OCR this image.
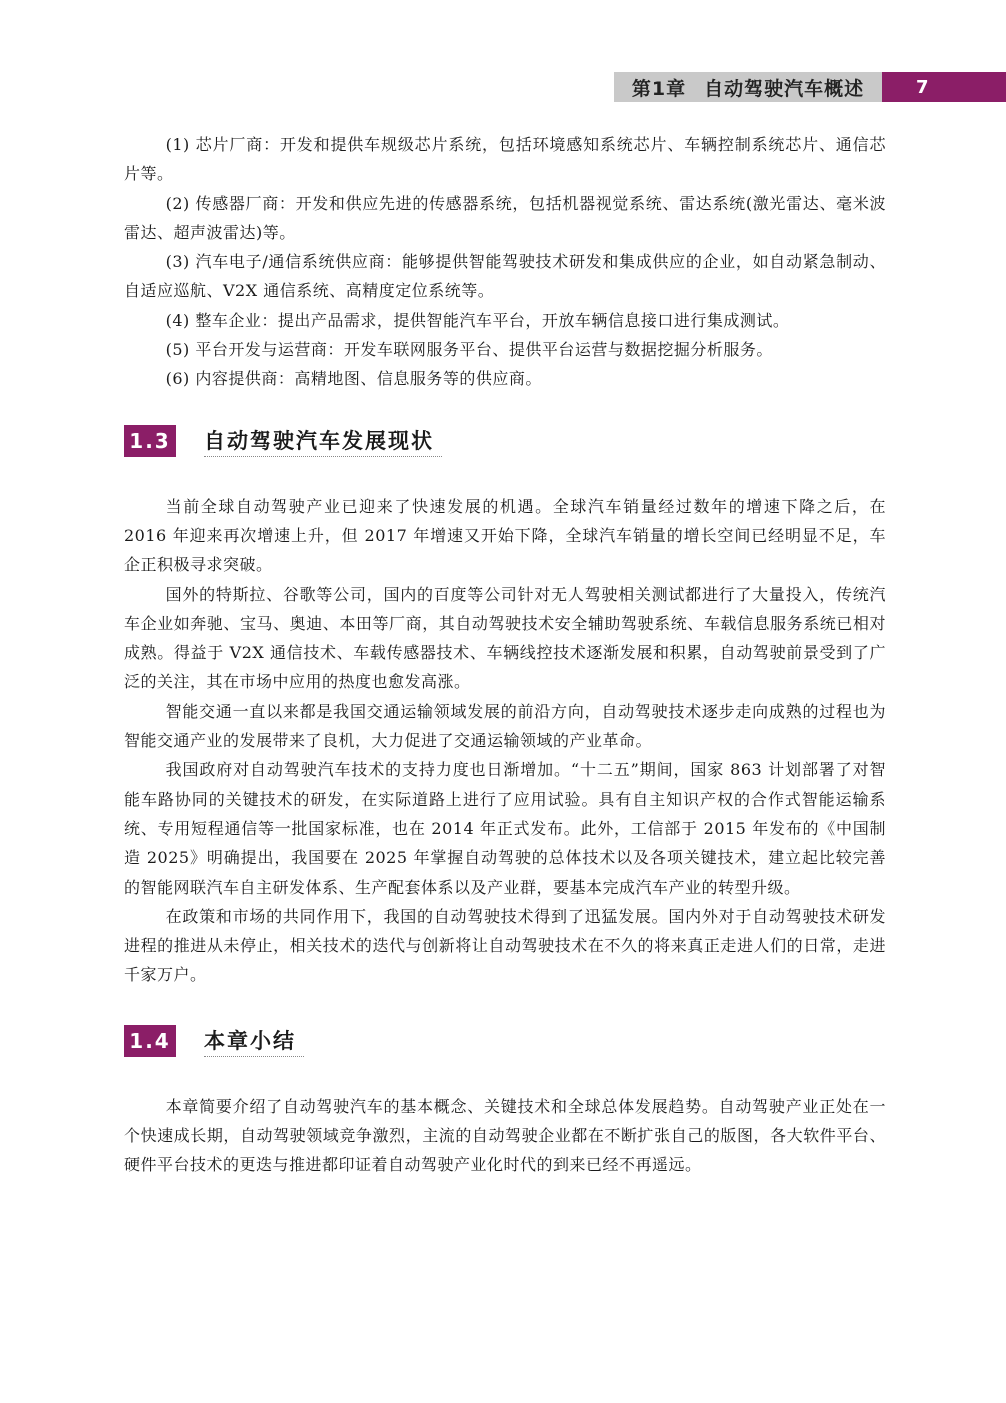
第1章 自动驾驶汽车概述	7

(1) 芯片厂商：开发和提供车规级芯片系统，包括环境感知系统芯片、车辆控制系统芯片、通信芯片等。

(2) 传感器厂商：开发和供应先进的传感器系统，包括机器视觉系统、雷达系统(激光雷达、毫米波雷达、超声波雷达)等。

(3) 汽车电子/通信系统供应商：能够提供智能驾驶技术研发和集成供应的企业，如自动紧急制动、自适应巡航、V2X 通信系统、高精度定位系统等。

(4) 整车企业：提出产品需求，提供智能汽车平台，开放车辆信息接口进行集成测试。

(5) 平台开发与运营商：开发车联网服务平台、提供平台运营与数据挖掘分析服务。

(6) 内容提供商：高精地图、信息服务等的供应商。

1.3 自动驾驶汽车发展现状

当前全球自动驾驶产业已迎来了快速发展的机遇。全球汽车销量经过数年的增速下降之后，在 2016 年迎来再次增速上升，但 2017 年增速又开始下降，全球汽车销量的增长空间已经明显不足，车企正积极寻求突破。

国外的特斯拉、谷歌等公司，国内的百度等公司针对无人驾驶相关测试都进行了大量投入，传统汽车企业如奔驰、宝马、奥迪、本田等厂商，其自动驾驶技术安全辅助驾驶系统、车载信息服务系统已相对成熟。得益于 V2X 通信技术、车载传感器技术、车辆线控技术逐渐发展和积累，自动驾驶前景受到了广泛的关注，其在市场中应用的热度也愈发高涨。

智能交通一直以来都是我国交通运输领域发展的前沿方向，自动驾驶技术逐步走向成熟的过程也为智能交通产业的发展带来了良机，大力促进了交通运输领域的产业革命。

我国政府对自动驾驶汽车技术的支持力度也日渐增加。“十二五”期间，国家 863 计划部署了对智能车路协同的关键技术的研发，在实际道路上进行了应用试验。具有自主知识产权的合作式智能运输系统、专用短程通信等一批国家标准，也在 2014 年正式发布。此外，工信部于 2015 年发布的《中国制造 2025》明确提出，我国要在 2025 年掌握自动驾驶的总体技术以及各项关键技术，建立起比较完善的智能网联汽车自主研发体系、生产配套体系以及产业群，要基本完成汽车产业的转型升级。

在政策和市场的共同作用下，我国的自动驾驶技术得到了迅猛发展。国内外对于自动驾驶技术研发进程的推进从未停止，相关技术的迭代与创新将让自动驾驶技术在不久的将来真正走进人们的日常，走进千家万户。

1.4 本章小结

本章简要介绍了自动驾驶汽车的基本概念、关键技术和全球总体发展趋势。自动驾驶产业正处在一个快速成长期，自动驾驶领域竞争激烈，主流的自动驾驶企业都在不断扩张自己的版图，各大软件平台、硬件平台技术的更迭与推进都印证着自动驾驶产业化时代的到来已经不再遥远。
